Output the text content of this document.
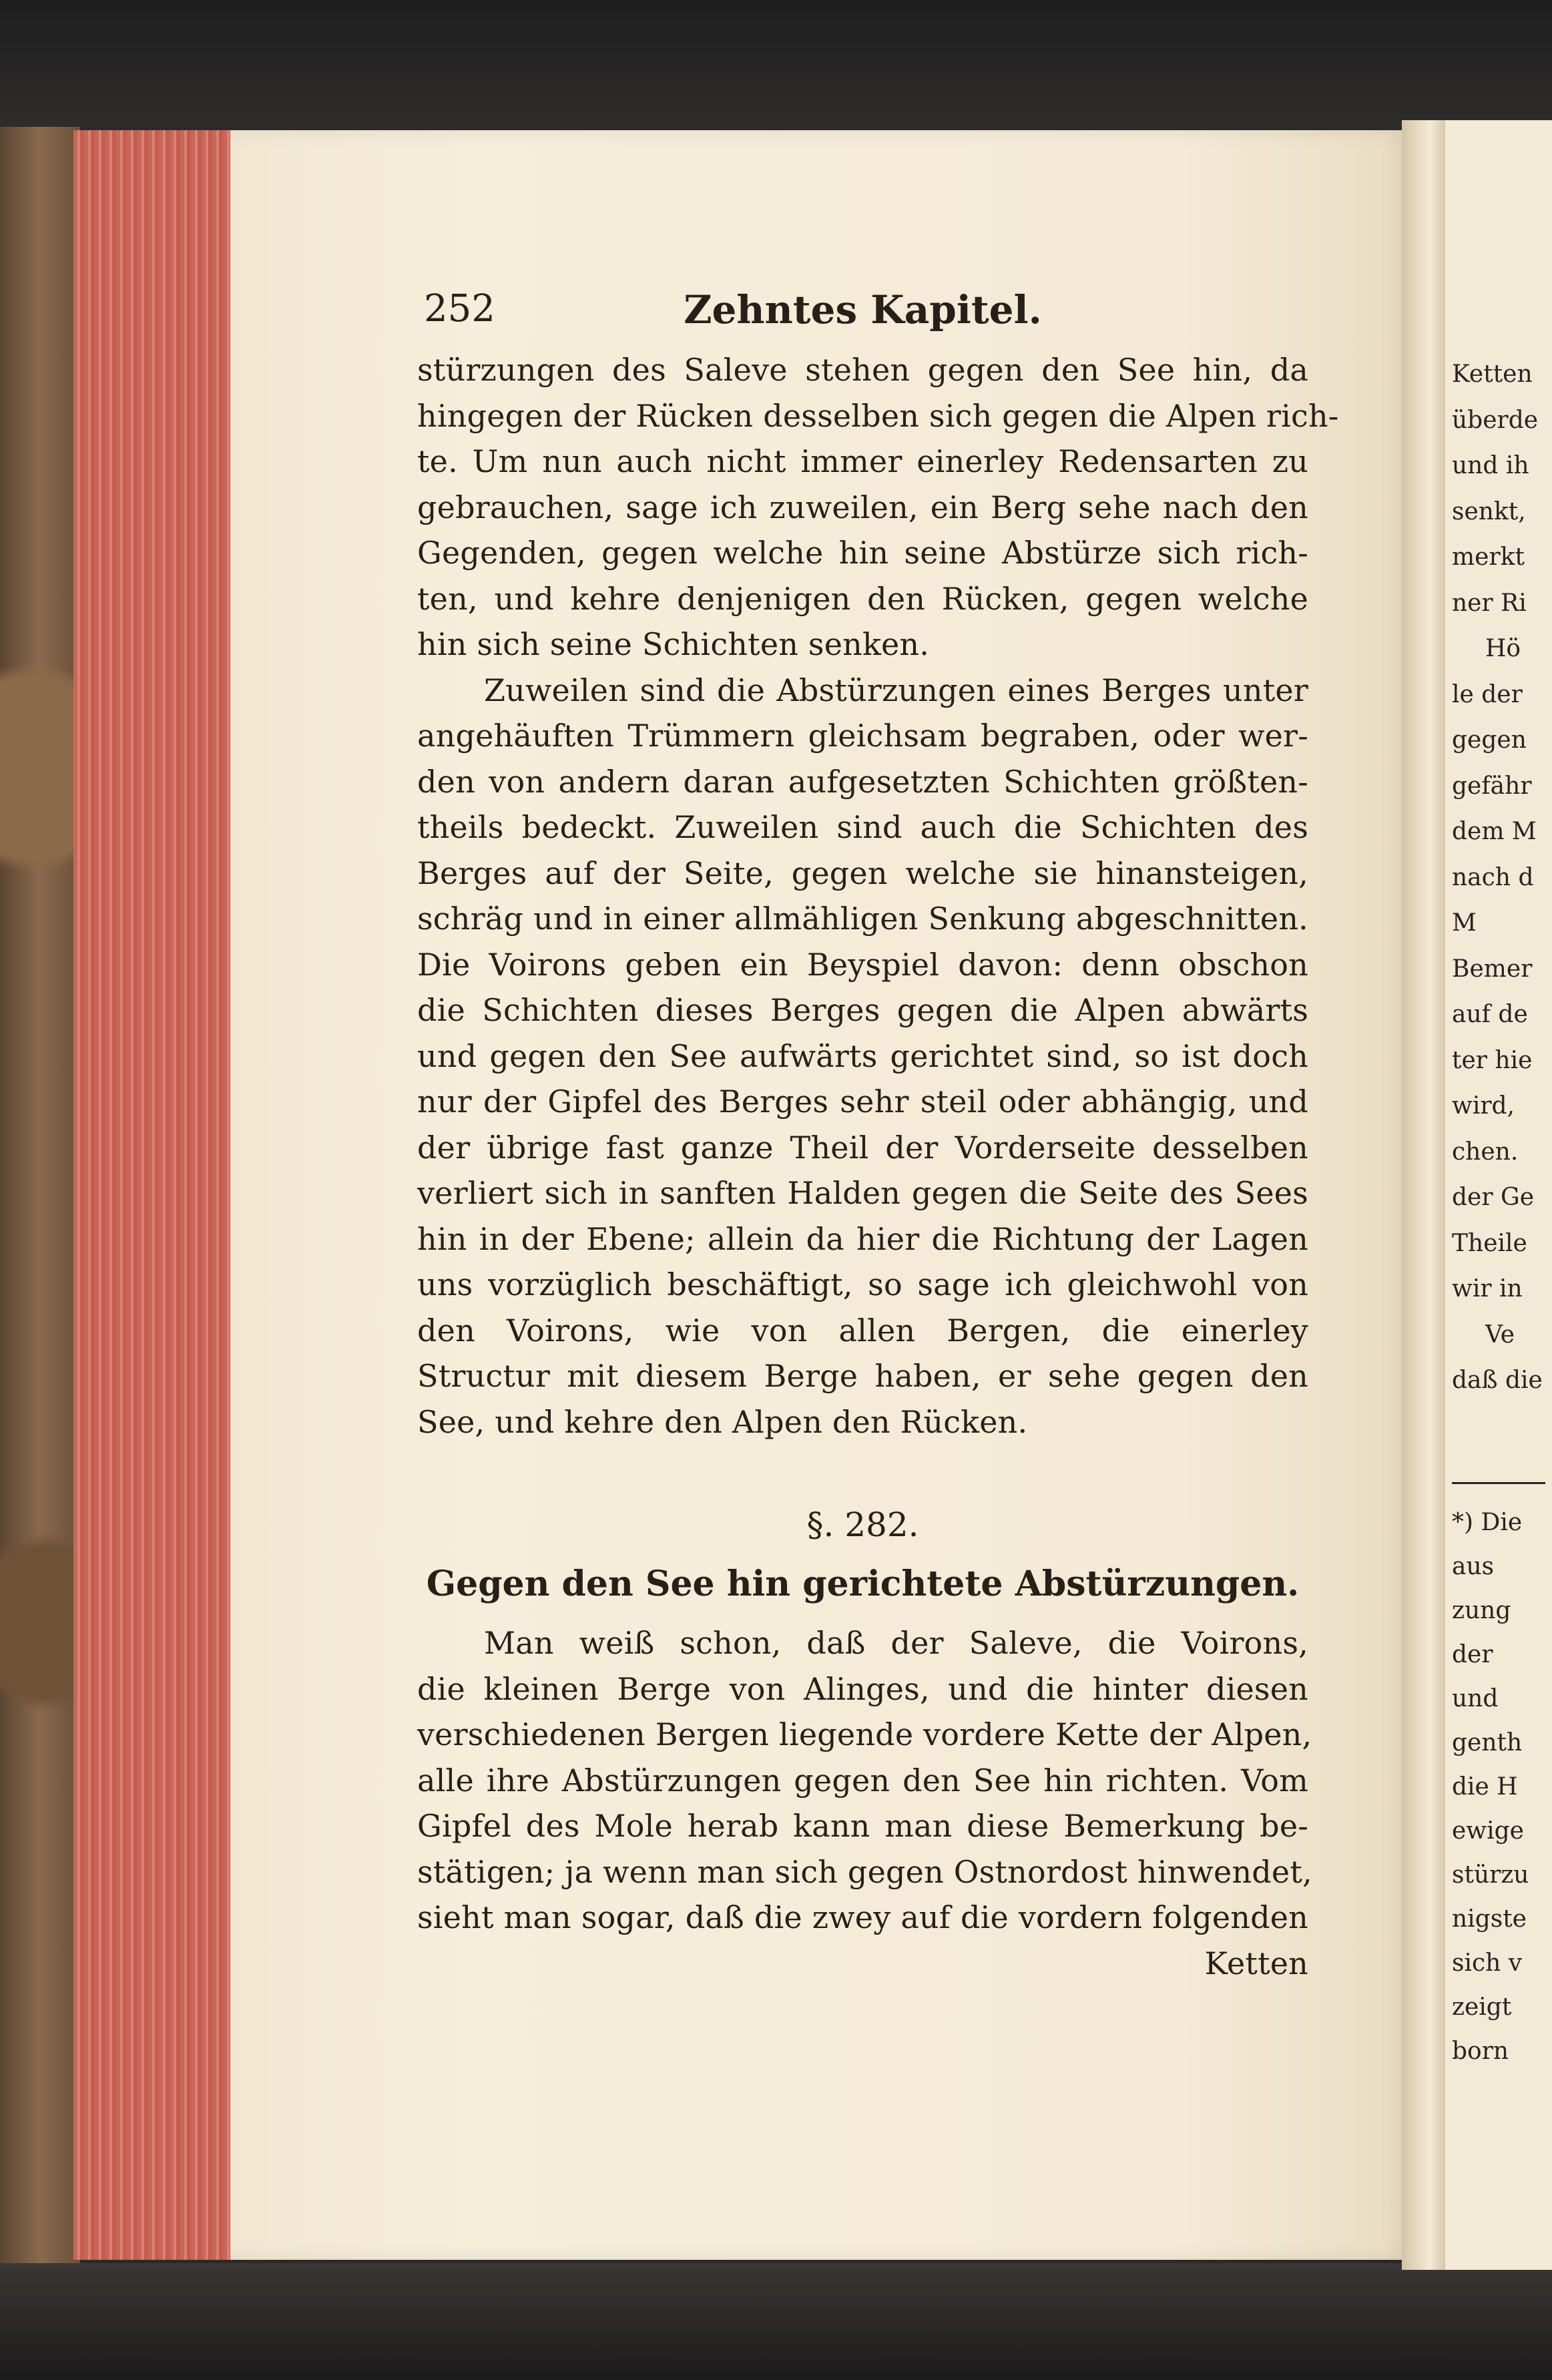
Ketten
überde
und ih
senkt,
merkt
ner Ri
Hö
le der
gegen
gefähr
dem M
nach d
M
Bemer
auf de
ter hie
wird,
chen.
der Ge
Theile
wir in
Ve
daß die
*) Die
aus
zung
der
und
genth
die H
ewige
stürzu
nigste
sich v
zeigt
born
252	Zehntes Kapitel.
stürzungen des Saleve stehen gegen den See hin, da
hingegen der Rücken desselben sich gegen die Alpen rich-
te. Um nun auch nicht immer einerley Redensarten zu
gebrauchen, sage ich zuweilen, ein Berg sehe nach den
Gegenden, gegen welche hin seine Abstürze sich rich-
ten, und kehre denjenigen den Rücken, gegen welche
hin sich seine Schichten senken.
Zuweilen sind die Abstürzungen eines Berges unter
angehäuften Trümmern gleichsam begraben, oder wer-
den von andern daran aufgesetzten Schichten größten-
theils bedeckt. Zuweilen sind auch die Schichten des
Berges auf der Seite, gegen welche sie hinansteigen,
schräg und in einer allmähligen Senkung abgeschnitten.
Die Voirons geben ein Beyspiel davon: denn obschon
die Schichten dieses Berges gegen die Alpen abwärts
und gegen den See aufwärts gerichtet sind, so ist doch
nur der Gipfel des Berges sehr steil oder abhängig, und
der übrige fast ganze Theil der Vorderseite desselben
verliert sich in sanften Halden gegen die Seite des Sees
hin in der Ebene; allein da hier die Richtung der Lagen
uns vorzüglich beschäftigt, so sage ich gleichwohl von
den Voirons, wie von allen Bergen, die einerley
Structur mit diesem Berge haben, er sehe gegen den
See, und kehre den Alpen den Rücken.
§. 282.
Gegen den See hin gerichtete Abstürzungen.
Man weiß schon, daß der Saleve, die Voirons,
die kleinen Berge von Alinges, und die hinter diesen
verschiedenen Bergen liegende vordere Kette der Alpen,
alle ihre Abstürzungen gegen den See hin richten. Vom
Gipfel des Mole herab kann man diese Bemerkung be-
stätigen; ja wenn man sich gegen Ostnordost hinwendet,
sieht man sogar, daß die zwey auf die vordern folgenden
Ketten
